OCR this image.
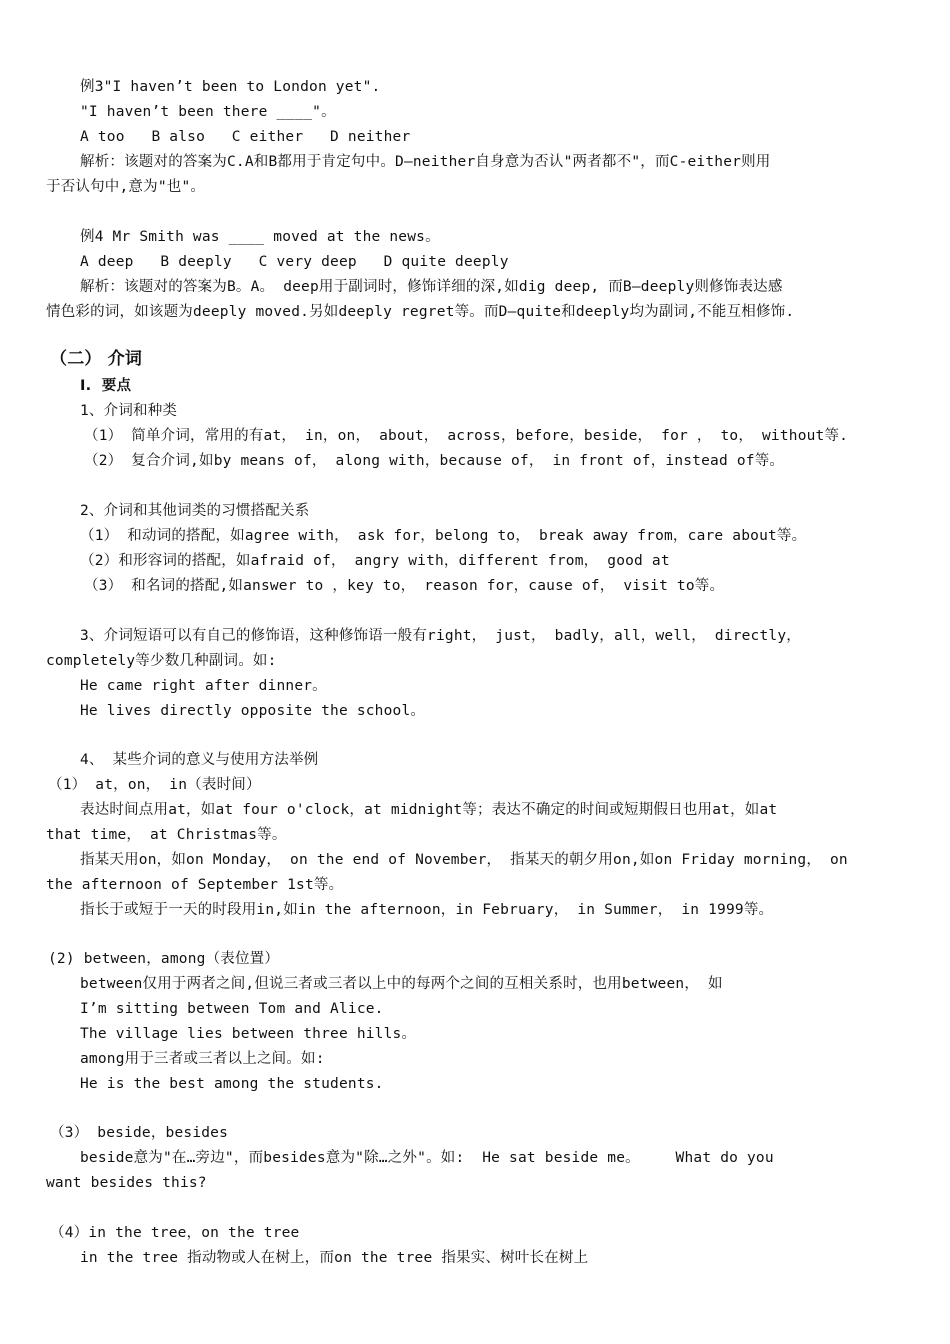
例3"I haven’t been to London yet".
"I haven’t been there ____"。
A too   B also   C either   D neither
解析：该题对的答案为C.A和B都用于肯定句中。D—neither自身意为否认"两者都不"，而C-either则用
于否认句中,意为"也"。
例4 Mr Smith was ____ moved at the news。
A deep   B deeply   C very deep   D quite deeply
解析：该题对的答案为B。A。 deep用于副词时，修饰详细的深,如dig deep, 而B—deeply则修饰表达感
情色彩的词，如该题为deeply moved.另如deeply regret等。而D—quite和deeply均为副词,不能互相修饰.
（二） 介词
I.  要点
1、介词和种类
（1） 简单介词，常用的有at， in，on， about， across，before，beside， for ， to， without等.
（2） 复合介词,如by means of， along with，because of， in front of，instead of等。
2、介词和其他词类的习惯搭配关系
（1） 和动词的搭配，如agree with， ask for，belong to， break away from，care about等。
（2）和形容词的搭配，如afraid of， angry with，different from， good at
（3） 和名词的搭配,如answer to ，key to， reason for，cause of， visit to等。
3、介词短语可以有自己的修饰语，这种修饰语一般有right， just， badly，all，well， directly，
completely等少数几种副词。如:
He came right after dinner。
He lives directly opposite the school。
4、 某些介词的意义与使用方法举例
（1） at，on， in（表时间）
表达时间点用at，如at four o'clock，at midnight等；表达不确定的时间或短期假日也用at，如at
that time， at Christmas等。
指某天用on，如on Monday， on the end of November， 指某天的朝夕用on,如on Friday morning， on
the afternoon of September 1st等。
指长于或短于一天的时段用in,如in the afternoon，in February， in Summer， in 1999等。
(2) between，among（表位置）
between仅用于两者之间,但说三者或三者以上中的每两个之间的互相关系时，也用between， 如
I’m sitting between Tom and Alice.
The village lies between three hills。
among用于三者或三者以上之间。如:
He is the best among the students.
（3） beside，besides
beside意为"在…旁边"，而besides意为"除…之外"。如:  He sat beside me。    What do you
want besides this?
（4）in the tree，on the tree
in the tree 指动物或人在树上，而on the tree 指果实、树叶长在树上
